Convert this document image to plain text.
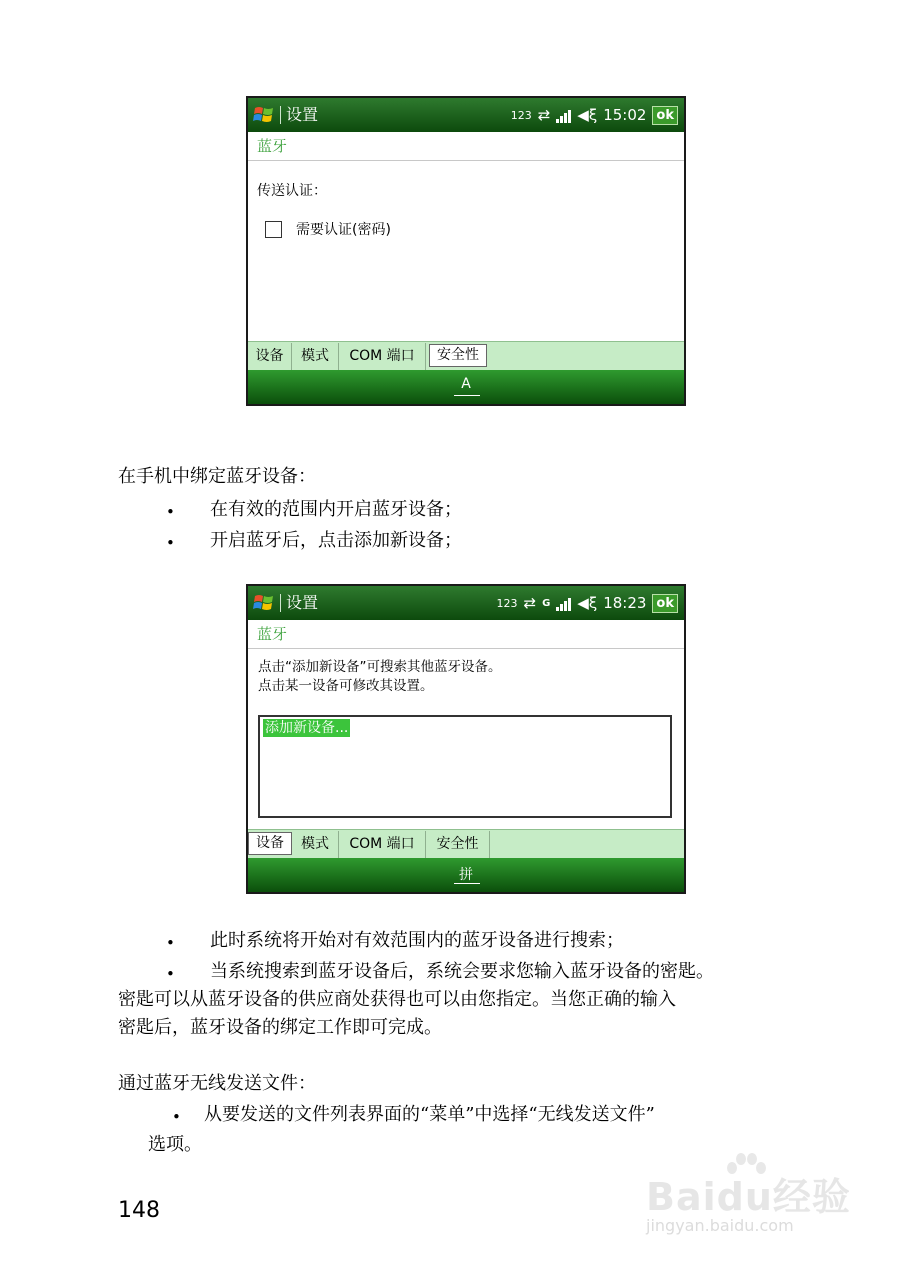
设置	123 ⇄ ◀ξ 15:02 ok
蓝牙
传送认证：
需要认证(密码)
设备	模式	COM 端口	安全性
A
在手机中绑定蓝牙设备：
• 在有效的范围内开启蓝牙设备；
• 开启蓝牙后，点击添加新设备；
设置	123 ⇄ G ◀ξ 18:23 ok
蓝牙
点击“添加新设备”可搜索其他蓝牙设备。
点击某一设备可修改其设置。
添加新设备...
设备	模式	COM 端口	安全性
拼
• 此时系统将开始对有效范围内的蓝牙设备进行搜索；
• 当系统搜索到蓝牙设备后，系统会要求您输入蓝牙设备的密匙。
密匙可以从蓝牙设备的供应商处获得也可以由您指定。当您正确的输入
密匙后，蓝牙设备的绑定工作即可完成。
通过蓝牙无线发送文件：
• 从要发送的文件列表界面的“菜单”中选择“无线发送文件”
选项。
148	Baidu经验
jingyan.baidu.com
